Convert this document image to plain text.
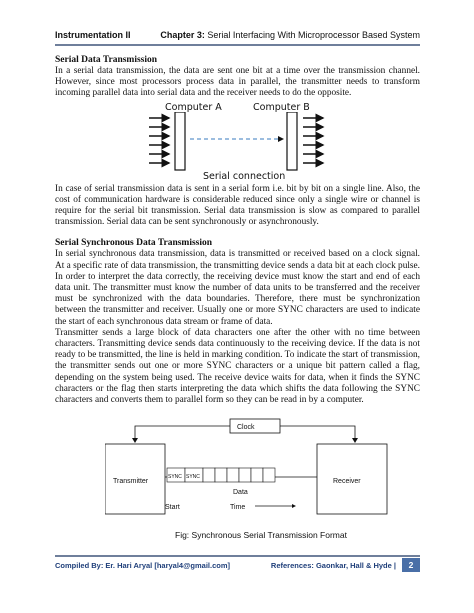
Instrumentation II	Chapter 3: Serial Interfacing With Microprocessor Based System

Serial Data Transmission

In a serial data transmission, the data are sent one bit at a time over the transmission channel. However, since most processors process data in parallel, the transmitter needs to transform incoming parallel data into serial data and the receiver needs to do the opposite.

Computer A	Computer B
Serial connection

In case of serial transmission data is sent in a serial form i.e. bit by bit on a single line. Also, the cost of communication hardware is considerable reduced since only a single wire or channel is require for the serial bit transmission. Serial data transmission is slow as compared to parallel transmission. Serial data can be sent synchronously or asynchronously.

Serial Synchronous Data Transmission

In serial synchronous data transmission, data is transmitted or received based on a clock signal. At a specific rate of data transmission, the transmitting device sends a data bit at each clock pulse. In order to interpret the data correctly, the receiving device must know the start and end of each data unit. The transmitter must know the number of data units to be transferred and the receiver must be synchronized with the data boundaries. Therefore, there must be synchronization between the transmitter and receiver. Usually one or more SYNC characters are used to indicate the start of each synchronous data stream or frame of data.

Transmitter sends a large block of data characters one after the other with no time between characters. Transmitting device sends data continuously to the receiving device. If the data is not ready to be transmitted, the line is held in marking condition. To indicate the start of transmission, the transmitter sends out one or more SYNC characters or a unique bit pattern called a flag, depending on the system being used. The receive device waits for data, when it finds the SYNC characters or the flag then starts interpreting the data which shifts the data following the SYNC characters and converts them to parallel form so they can be read in by a computer.

Clock
Transmitter	Receiver
SYNC SYNC
Data
Start	Time
Fig: Synchronous Serial Transmission Format
Compiled By: Er. Hari Aryal [haryal4@gmail.com]	References: Gaonkar, Hall & Hyde |	2
